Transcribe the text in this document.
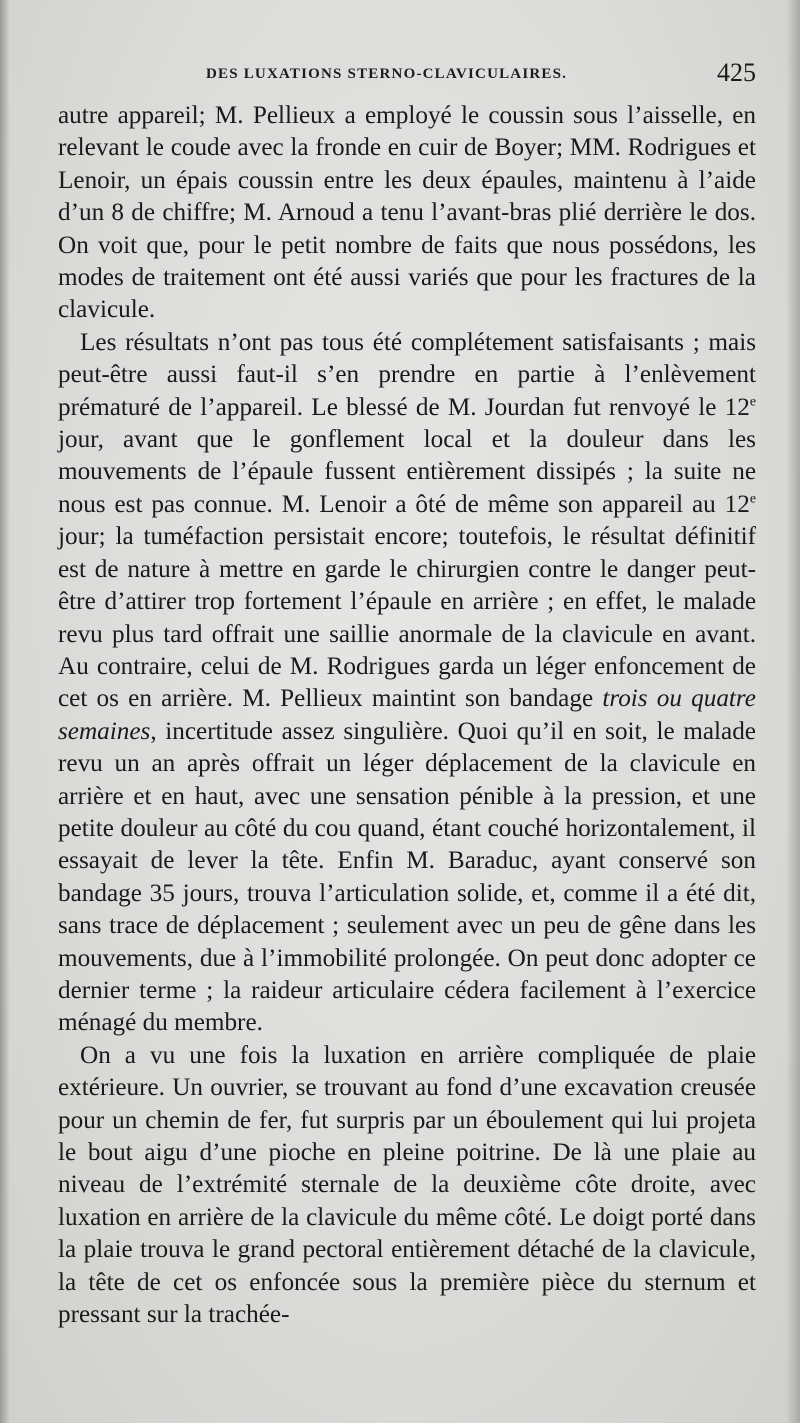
DES LUXATIONS STERNO-CLAVICULAIRES.	425

autre appareil; M. Pellieux a employé le coussin sous l’aisselle, en relevant le coude avec la fronde en cuir de Boyer; MM. Rodrigues et Lenoir, un épais coussin entre les deux épaules, maintenu à l’aide d’un 8 de chiffre; M. Arnoud a tenu l’avant-bras plié derrière le dos. On voit que, pour le petit nombre de faits que nous possédons, les modes de traitement ont été aussi variés que pour les fractures de la clavicule.

Les résultats n’ont pas tous été complétement satisfaisants ; mais peut-être aussi faut-il s’en prendre en partie à l’enlèvement prématuré de l’appareil. Le blessé de M. Jourdan fut renvoyé le 12e jour, avant que le gonflement local et la douleur dans les mouvements de l’épaule fussent entièrement dissipés ; la suite ne nous est pas connue. M. Lenoir a ôté de même son appareil au 12e jour; la tuméfaction persistait encore; toutefois, le résultat définitif est de nature à mettre en garde le chirurgien contre le danger peut-être d’attirer trop fortement l’épaule en arrière ; en effet, le malade revu plus tard offrait une saillie anormale de la clavicule en avant. Au contraire, celui de M. Rodrigues garda un léger enfoncement de cet os en arrière. M. Pellieux maintint son bandage trois ou quatre semaines, incertitude assez singulière. Quoi qu’il en soit, le malade revu un an après offrait un léger déplacement de la clavicule en arrière et en haut, avec une sensation pénible à la pression, et une petite douleur au côté du cou quand, étant couché horizontalement, il essayait de lever la tête. Enfin M. Baraduc, ayant conservé son bandage 35 jours, trouva l’articulation solide, et, comme il a été dit, sans trace de déplacement ; seulement avec un peu de gêne dans les mouvements, due à l’immobilité prolongée. On peut donc adopter ce dernier terme ; la raideur articulaire cédera facilement à l’exercice ménagé du membre.

On a vu une fois la luxation en arrière compliquée de plaie extérieure. Un ouvrier, se trouvant au fond d’une excavation creusée pour un chemin de fer, fut surpris par un éboulement qui lui projeta le bout aigu d’une pioche en pleine poitrine. De là une plaie au niveau de l’extrémité sternale de la deuxième côte droite, avec luxation en arrière de la clavicule du même côté. Le doigt porté dans la plaie trouva le grand pectoral entièrement détaché de la clavicule, la tête de cet os enfoncée sous la première pièce du sternum et pressant sur la trachée-
